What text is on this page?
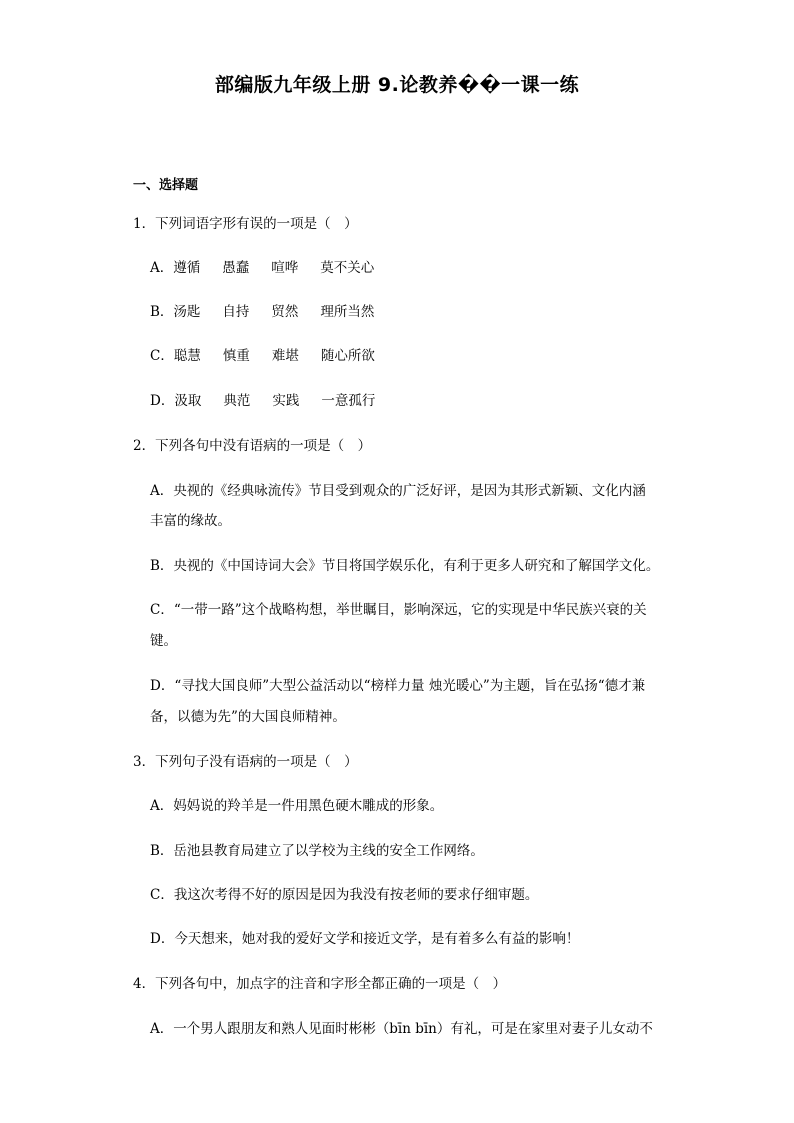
部编版九年级上册 9.论教养��一课一练
一、选择题
1．下列词语字形有误的一项是（　）
A．遵循 愚蠢 喧哗 莫不关心
B．汤匙 自持 贸然 理所当然
C．聪慧 慎重 难堪 随心所欲
D．汲取 典范 实践 一意孤行
2．下列各句中没有语病的一项是（　）
A．央视的《经典咏流传》节目受到观众的广泛好评，是因为其形式新颖、文化内涵
丰富的缘故。
B．央视的《中国诗词大会》节目将国学娱乐化，有利于更多人研究和了解国学文化。
C．“一带一路”这个战略构想，举世瞩目，影响深远，它的实现是中华民族兴衰的关
键。
D．“寻找大国良师”大型公益活动以“榜样力量 烛光暖心”为主题，旨在弘扬“德才兼
备，以德为先”的大国良师精神。
3．下列句子没有语病的一项是（　）
A．妈妈说的羚羊是一件用黑色硬木雕成的形象。
B．岳池县教育局建立了以学校为主线的安全工作网络。
C．我这次考得不好的原因是因为我没有按老师的要求仔细审题。
D．今天想来，她对我的爱好文学和接近文学，是有着多么有益的影响！
4．下列各句中，加点字的注音和字形全都正确的一项是（　）
A．一个男人跟朋友和熟人见面时彬彬（bīn bīn）有礼，可是在家里对妻子儿女动不
